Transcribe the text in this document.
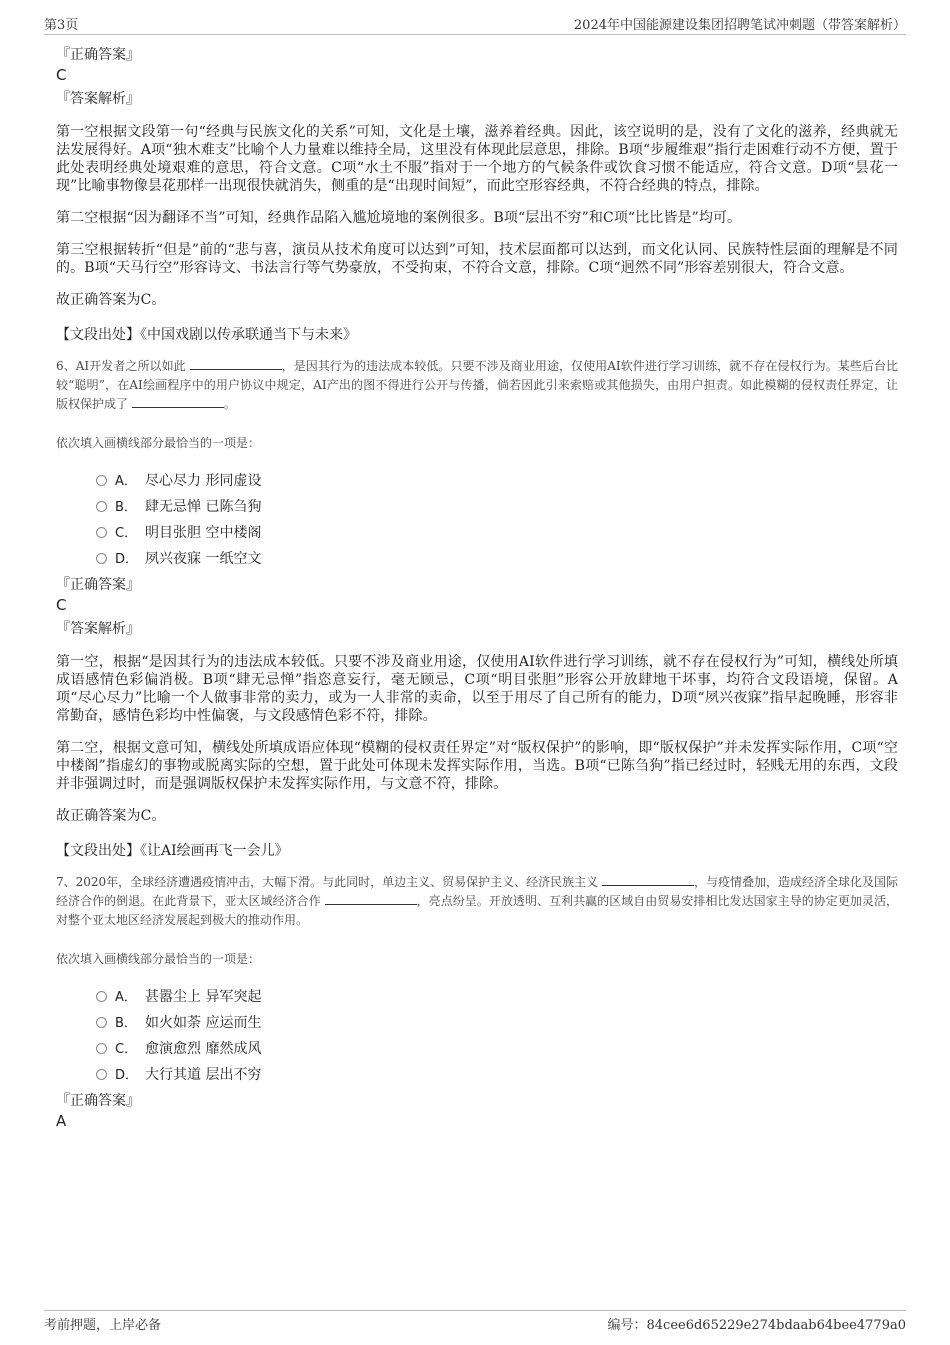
第3页	2024年中国能源建设集团招聘笔试冲刺题（带答案解析）

『正确答案』

C

『答案解析』

第一空根据文段第一句“经典与民族文化的关系”可知，文化是土壤，滋养着经典。因此，该空说明的是，没有了文化的滋养，经典就无法发展得好。A项“独木难支”比喻个人力量难以维持全局，这里没有体现此层意思，排除。B项“步履维艰”指行走困难行动不方便，置于此处表明经典处境艰难的意思，符合文意。C项“水土不服”指对于一个地方的气候条件或饮食习惯不能适应，符合文意。D项“昙花一现”比喻事物像昙花那样一出现很快就消失，侧重的是“出现时间短”，而此空形容经典，不符合经典的特点，排除。

第二空根据“因为翻译不当”可知，经典作品陷入尴尬境地的案例很多。B项“层出不穷”和C项“比比皆是”均可。

第三空根据转折“但是”前的“悲与喜，演员从技术角度可以达到”可知，技术层面都可以达到，而文化认同、民族特性层面的理解是不同的。B项“天马行空”形容诗文、书法言行等气势豪放，不受拘束，不符合文意，排除。C项“迥然不同”形容差别很大，符合文意。

故正确答案为C。

【文段出处】《中国戏剧以传承联通当下与未来》

6、AI开发者之所以如此	，是因其行为的违法成本较低。只要不涉及商业用途，仅使用AI软件进行学习训练，就不存在侵权行为。某些后台比较“聪明”，在AI绘画程序中的用户协议中规定，AI产出的图不得进行公开与传播，倘若因此引来索赔或其他损失，由用户担责。如此模糊的侵权责任界定，让版权保护成了	。

依次填入画横线部分最恰当的一项是：

A． 尽心尽力 形同虚设
B． 肆无忌惮 已陈刍狗
C． 明目张胆 空中楼阁
D． 夙兴夜寐 一纸空文

『正确答案』

C

『答案解析』

第一空，根据“是因其行为的违法成本较低。只要不涉及商业用途，仅使用AI软件进行学习训练，就不存在侵权行为”可知，横线处所填成语感情色彩偏消极。B项“肆无忌惮”指恣意妄行，毫无顾忌，C项“明目张胆”形容公开放肆地干坏事，均符合文段语境，保留。A项“尽心尽力”比喻一个人做事非常的卖力，或为一人非常的卖命，以至于用尽了自己所有的能力，D项“夙兴夜寐”指早起晚睡，形容非常勤奋，感情色彩均中性偏褒，与文段感情色彩不符，排除。

第二空，根据文意可知，横线处所填成语应体现“模糊的侵权责任界定”对“版权保护”的影响，即“版权保护”并未发挥实际作用，C项“空中楼阁”指虚幻的事物或脱离实际的空想，置于此处可体现未发挥实际作用，当选。B项“已陈刍狗”指已经过时，轻贱无用的东西，文段并非强调过时，而是强调版权保护未发挥实际作用，与文意不符，排除。

故正确答案为C。

【文段出处】《让AI绘画再飞一会儿》

7、2020年，全球经济遭遇疫情冲击，大幅下滑。与此同时，单边主义、贸易保护主义、经济民族主义	，与疫情叠加，造成经济全球化及国际经济合作的倒退。在此背景下，亚太区域经济合作	，亮点纷呈。开放透明、互利共赢的区域自由贸易安排相比发达国家主导的协定更加灵活，对整个亚太地区经济发展起到极大的推动作用。

依次填入画横线部分最恰当的一项是：

A． 甚嚣尘上 异军突起
B． 如火如荼 应运而生
C． 愈演愈烈 靡然成风
D． 大行其道 层出不穷

『正确答案』

A

考前押题，上岸必备	编号：84cee6d65229e274bdaab64bee4779a0
